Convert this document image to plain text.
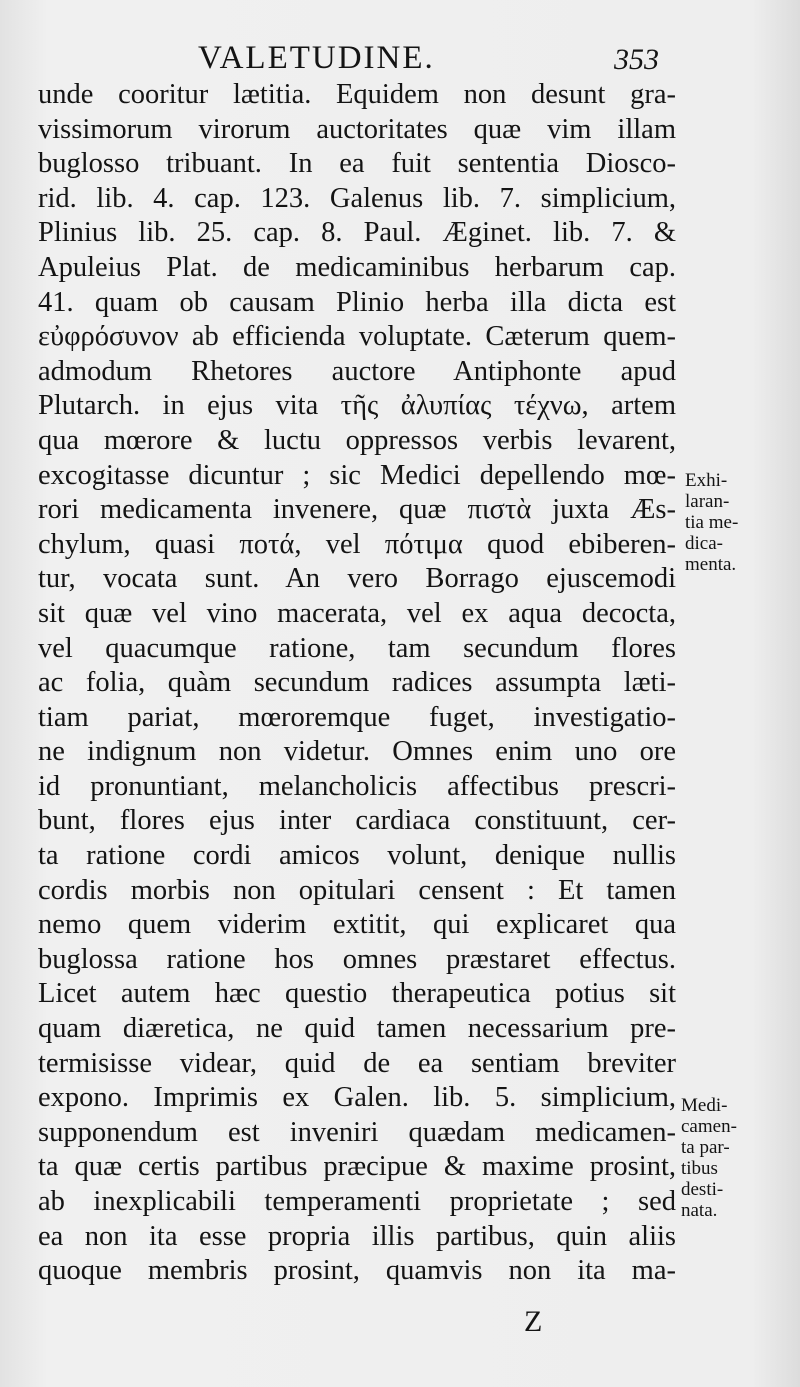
VALETUDINE.	353
unde cooritur lætitia. Equidem non desunt gra-
vissimorum virorum auctoritates quæ vim illam
buglosso tribuant. In ea fuit sententia Diosco-
rid. lib. 4. cap. 123. Galenus lib. 7. simplicium,
Plinius lib. 25. cap. 8. Paul. Æginet. lib. 7. &
Apuleius Plat. de medicaminibus herbarum cap.
41. quam ob causam Plinio herba illa dicta est
εὐφρόσυνον ab efficienda voluptate. Cæterum quem-
admodum Rhetores auctore Antiphonte apud
Plutarch. in ejus vita τῆς ἀλυπίας τέχνω, artem
qua mœrore & luctu oppressos verbis levarent,
excogitasse dicuntur ; sic Medici depellendo mœ-
rori medicamenta invenere, quæ πιστὰ juxta Æs-
chylum, quasi ποτά, vel πότιμα quod ebiberen-
tur, vocata sunt. An vero Borrago ejuscemodi
sit quæ vel vino macerata, vel ex aqua decocta,
vel quacumque ratione, tam secundum flores
ac folia, quàm secundum radices assumpta læti-
tiam pariat, mœroremque fuget, investigatio-
ne indignum non videtur. Omnes enim uno ore
id pronuntiant, melancholicis affectibus prescri-
bunt, flores ejus inter cardiaca constituunt, cer-
ta ratione cordi amicos volunt, denique nullis
cordis morbis non opitulari censent : Et tamen
nemo quem viderim extitit, qui explicaret qua
buglossa ratione hos omnes præstaret effectus.
Licet autem hæc questio therapeutica potius sit
quam diæretica, ne quid tamen necessarium pre-
termisisse videar, quid de ea sentiam breviter
expono. Imprimis ex Galen. lib. 5. simplicium,
supponendum est inveniri quædam medicamen-
ta quæ certis partibus præcipue & maxime prosint,
ab inexplicabili temperamenti proprietate ; sed
ea non ita esse propria illis partibus, quin aliis
quoque membris prosint, quamvis non ita ma-
Exhi-
laran-
tia me-
dica-
menta.
Medi-
camen-
ta par-
tibus
desti-
nata.
Z
